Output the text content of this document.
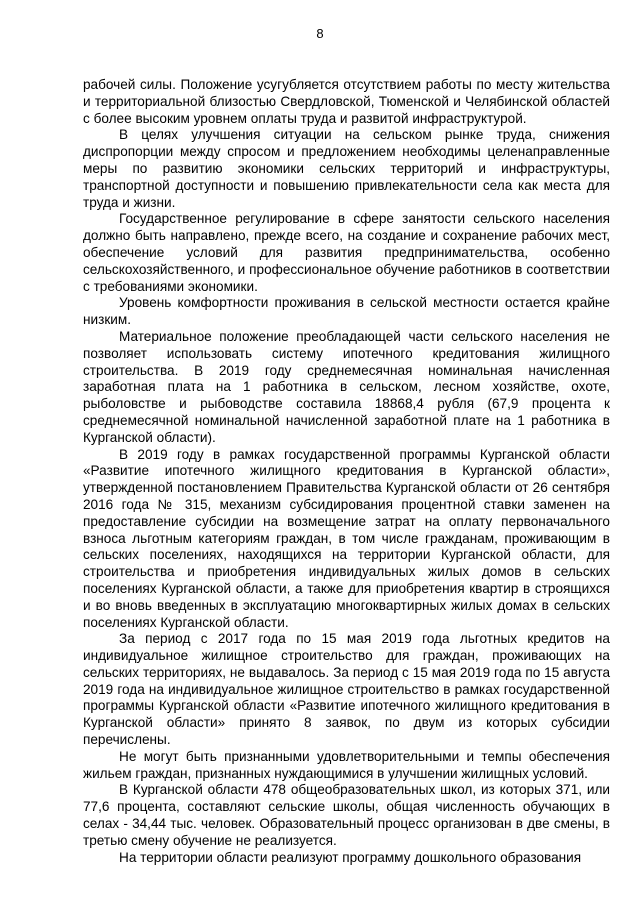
8

рабочей силы. Положение усугубляется отсутствием работы по месту жительства и территориальной близостью Свердловской, Тюменской и Челябинской областей с более высоким уровнем оплаты труда и развитой инфраструктурой.

В целях улучшения ситуации на сельском рынке труда, снижения диспропорции между спросом и предложением необходимы целенаправленные меры по развитию экономики сельских территорий и инфраструктуры, транспортной доступности и повышению привлекательности села как места для труда и жизни.

Государственное регулирование в сфере занятости сельского населения должно быть направлено, прежде всего, на создание и сохранение рабочих мест, обеспечение условий для развития предпринимательства, особенно сельскохозяйственного, и профессиональное обучение работников в соответствии с требованиями экономики.

Уровень комфортности проживания в сельской местности остается крайне низким.

Материальное положение преобладающей части сельского населения не позволяет использовать систему ипотечного кредитования жилищного строительства. В 2019 году среднемесячная номинальная начисленная заработная плата на 1 работника в сельском, лесном хозяйстве, охоте, рыболовстве и рыбоводстве составила 18868,4 рубля (67,9 процента к среднемесячной номинальной начисленной заработной плате на 1 работника в Курганской области).

В 2019 году в рамках государственной программы Курганской области «Развитие ипотечного жилищного кредитования в Курганской области», утвержденной постановлением Правительства Курганской области от 26 сентября 2016 года № 315, механизм субсидирования процентной ставки заменен на предоставление субсидии на возмещение затрат на оплату первоначального взноса льготным категориям граждан, в том числе гражданам, проживающим в сельских поселениях, находящихся на территории Курганской области, для строительства и приобретения индивидуальных жилых домов в сельских поселениях Курганской области, а также для приобретения квартир в строящихся и во вновь введенных в эксплуатацию многоквартирных жилых домах в сельских поселениях Курганской области.

За период с 2017 года по 15 мая 2019 года льготных кредитов на индивидуальное жилищное строительство для граждан, проживающих на сельских территориях, не выдавалось. За период с 15 мая 2019 года по 15 августа 2019 года на индивидуальное жилищное строительство в рамках государственной программы Курганской области «Развитие ипотечного жилищного кредитования в Курганской области» принято 8 заявок, по двум из которых субсидии перечислены.

Не могут быть признанными удовлетворительными и темпы обеспечения жильем граждан, признанных нуждающимися в улучшении жилищных условий.

В Курганской области 478 общеобразовательных школ, из которых 371, или 77,6 процента, составляют сельские школы, общая численность обучающих в селах - 34,44 тыс. человек. Образовательный процесс организован в две смены, в третью смену обучение не реализуется.

На территории области реализуют программу дошкольного образования
